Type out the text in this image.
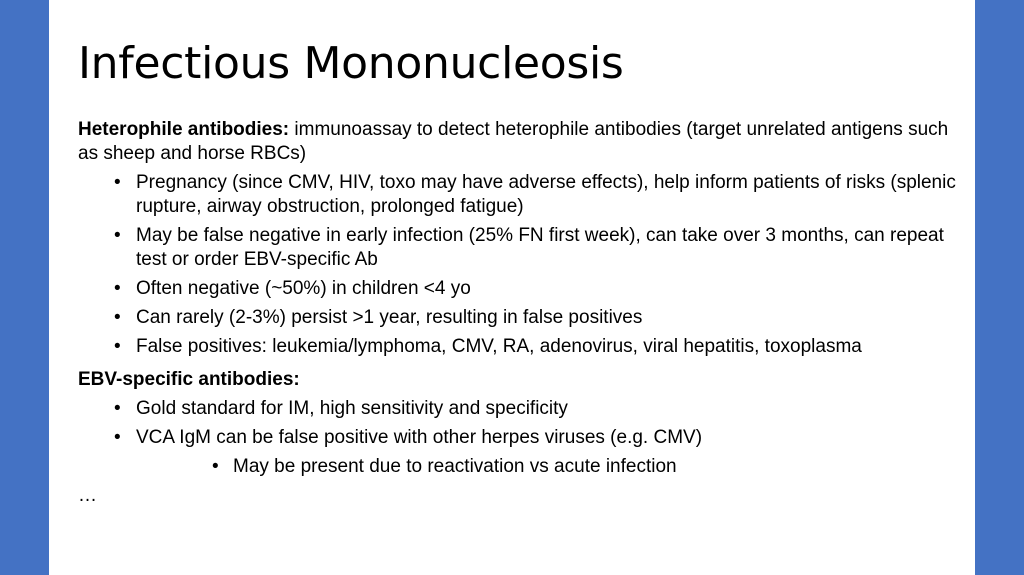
Infectious Mononucleosis

Heterophile antibodies: immunoassay to detect heterophile antibodies (target unrelated antigens such as sheep and horse RBCs)

• Pregnancy (since CMV, HIV, toxo may have adverse effects), help inform patients of risks (splenic rupture, airway obstruction, prolonged fatigue)
• May be false negative in early infection (25% FN first week), can take over 3 months, can repeat test or order EBV-specific Ab
• Often negative (~50%) in children <4 yo
• Can rarely (2-3%) persist >1 year, resulting in false positives
• False positives: leukemia/lymphoma, CMV, RA, adenovirus, viral hepatitis, toxoplasma

EBV-specific antibodies:

• Gold standard for IM, high sensitivity and specificity
• VCA IgM can be false positive with other herpes viruses (e.g. CMV)
• May be present due to reactivation vs acute infection

…
